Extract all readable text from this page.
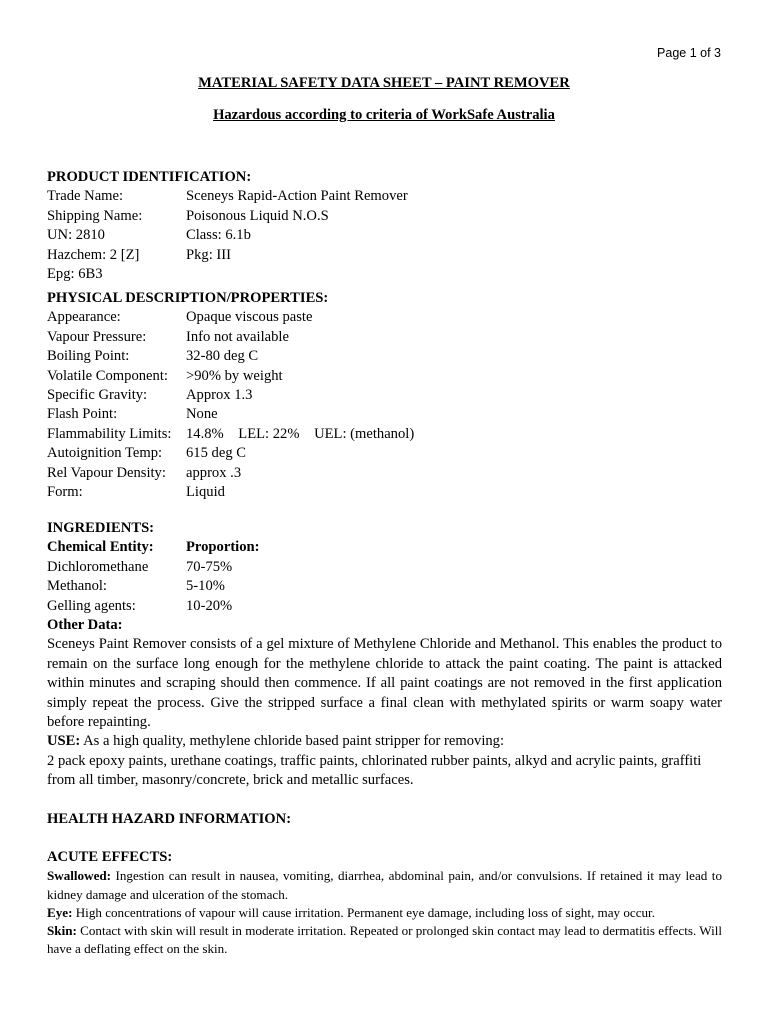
Page 1 of 3
MATERIAL SAFETY DATA SHEET – PAINT REMOVER
Hazardous according to criteria of WorkSafe Australia
PRODUCT IDENTIFICATION:
Trade Name:	Sceneys Rapid-Action Paint Remover
Shipping Name:	Poisonous Liquid N.O.S
UN: 2810	Class: 6.1b
Hazchem: 2 [Z]	Pkg: III
Epg: 6B3
PHYSICAL DESCRIPTION/PROPERTIES:
Appearance:	Opaque viscous paste
Vapour Pressure:	Info not available
Boiling Point:	32-80 deg C
Volatile Component:	>90% by weight
Specific Gravity:	Approx 1.3
Flash Point:	None
Flammability Limits: 14.8%    LEL: 22%    UEL: (methanol)
Autoignition Temp:	615 deg C
Rel Vapour Density:	approx .3
Form:	Liquid
INGREDIENTS:
Chemical Entity:	Proportion:
Dichloromethane	70-75%
Methanol:	5-10%
Gelling agents:	10-20%
Other Data:
Sceneys Paint Remover consists of a gel mixture of Methylene Chloride and Methanol. This enables the product to remain on the surface long enough for the methylene chloride to attack the paint coating. The paint is attacked within minutes and scraping should then commence. If all paint coatings are not removed in the first application simply repeat the process. Give the stripped surface a final clean with methylated spirits or warm soapy water before repainting.
USE: As a high quality, methylene chloride based paint stripper for removing:
2 pack epoxy paints, urethane coatings, traffic paints, chlorinated rubber paints, alkyd and acrylic paints, graffiti from all timber, masonry/concrete, brick and metallic surfaces.
HEALTH HAZARD INFORMATION:
ACUTE EFFECTS:
Swallowed: Ingestion can result in nausea, vomiting, diarrhea, abdominal pain, and/or convulsions. If retained it may lead to kidney damage and ulceration of the stomach.
Eye: High concentrations of vapour will cause irritation. Permanent eye damage, including loss of sight, may occur.
Skin: Contact with skin will result in moderate irritation. Repeated or prolonged skin contact may lead to dermatitis effects. Will have a deflating effect on the skin.
